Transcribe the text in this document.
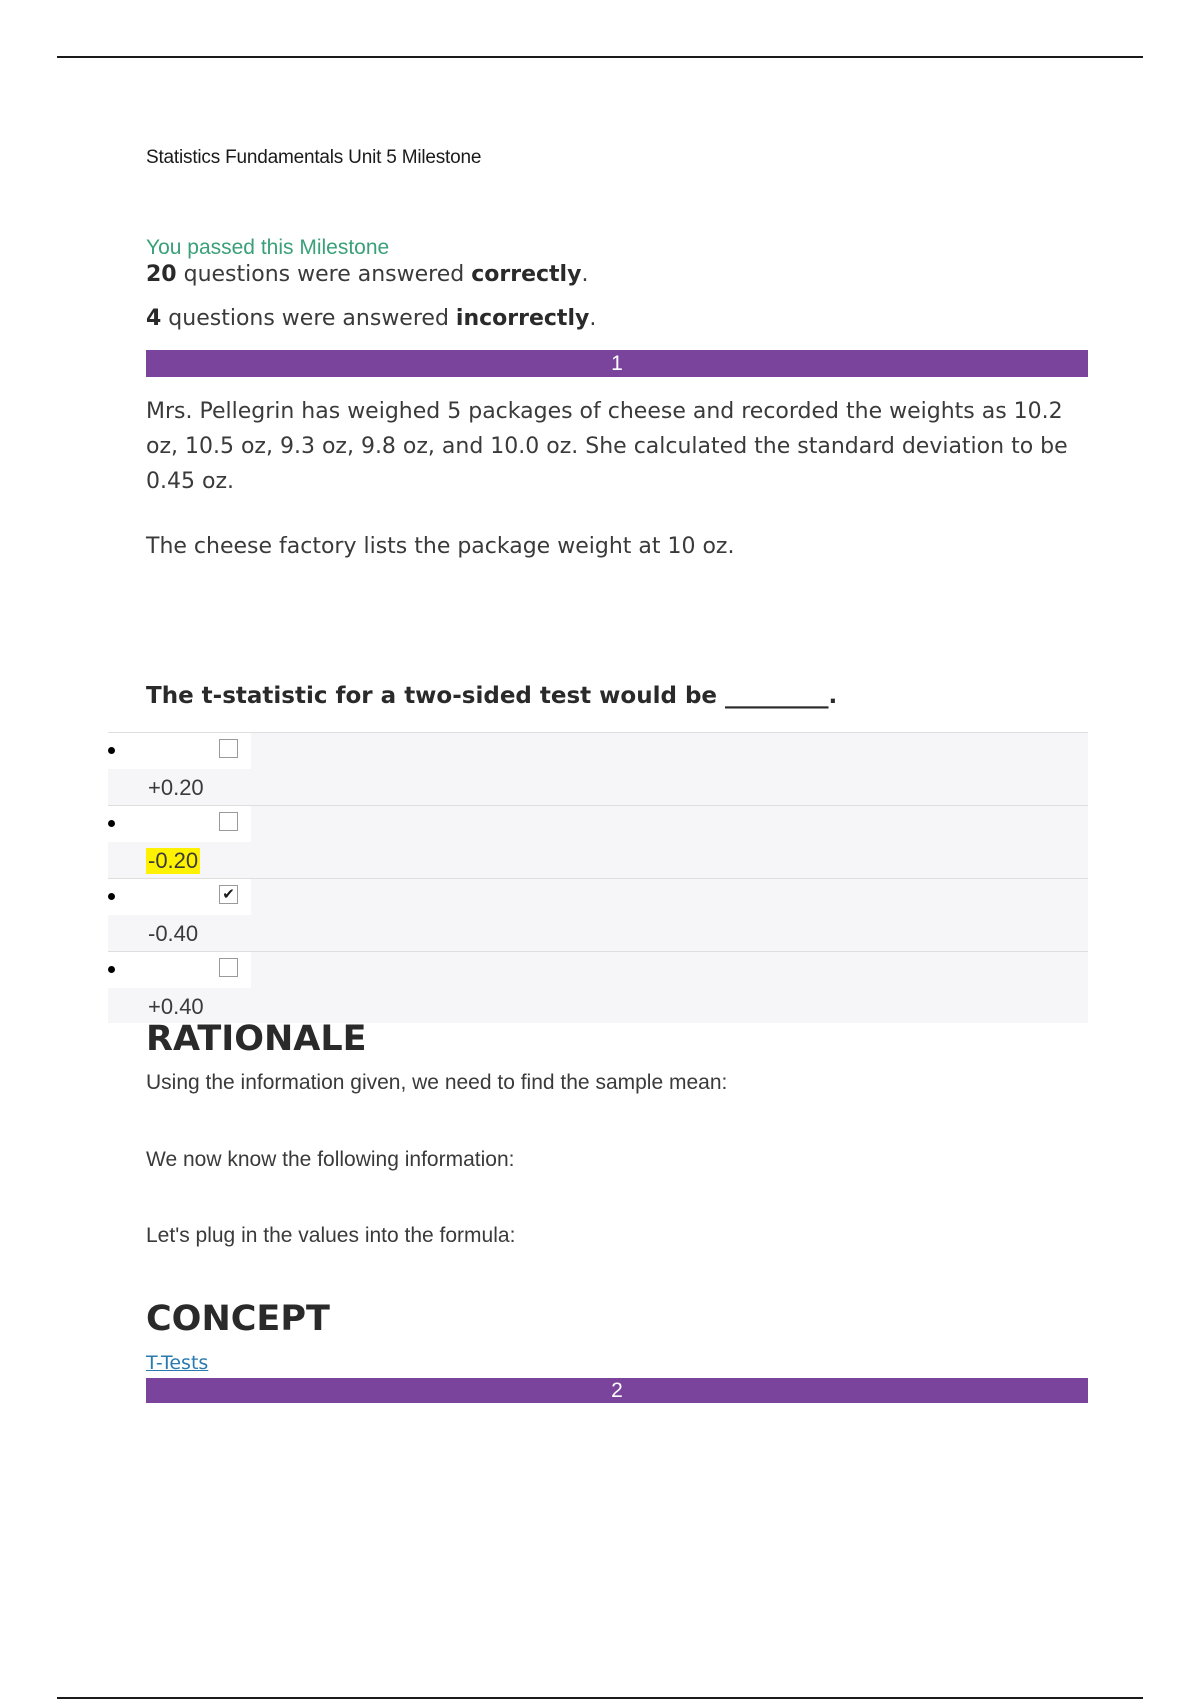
Statistics Fundamentals Unit 5 Milestone
You passed this Milestone
20 questions were answered correctly.
4 questions were answered incorrectly.
1

Mrs. Pellegrin has weighed 5 packages of cheese and recorded the weights as 10.2 oz, 10.5 oz, 9.3 oz, 9.8 oz, and 10.0 oz. She calculated the standard deviation to be 0.45 oz.

The cheese factory lists the package weight at 10 oz.

The t-statistic for a two-sided test would be _________.
+0.20
-0.20
✔
-0.40
+0.40
RATIONALE

Using the information given, we need to find the sample mean:

We now know the following information:

Let's plug in the values into the formula:

CONCEPT
T-Tests
2
